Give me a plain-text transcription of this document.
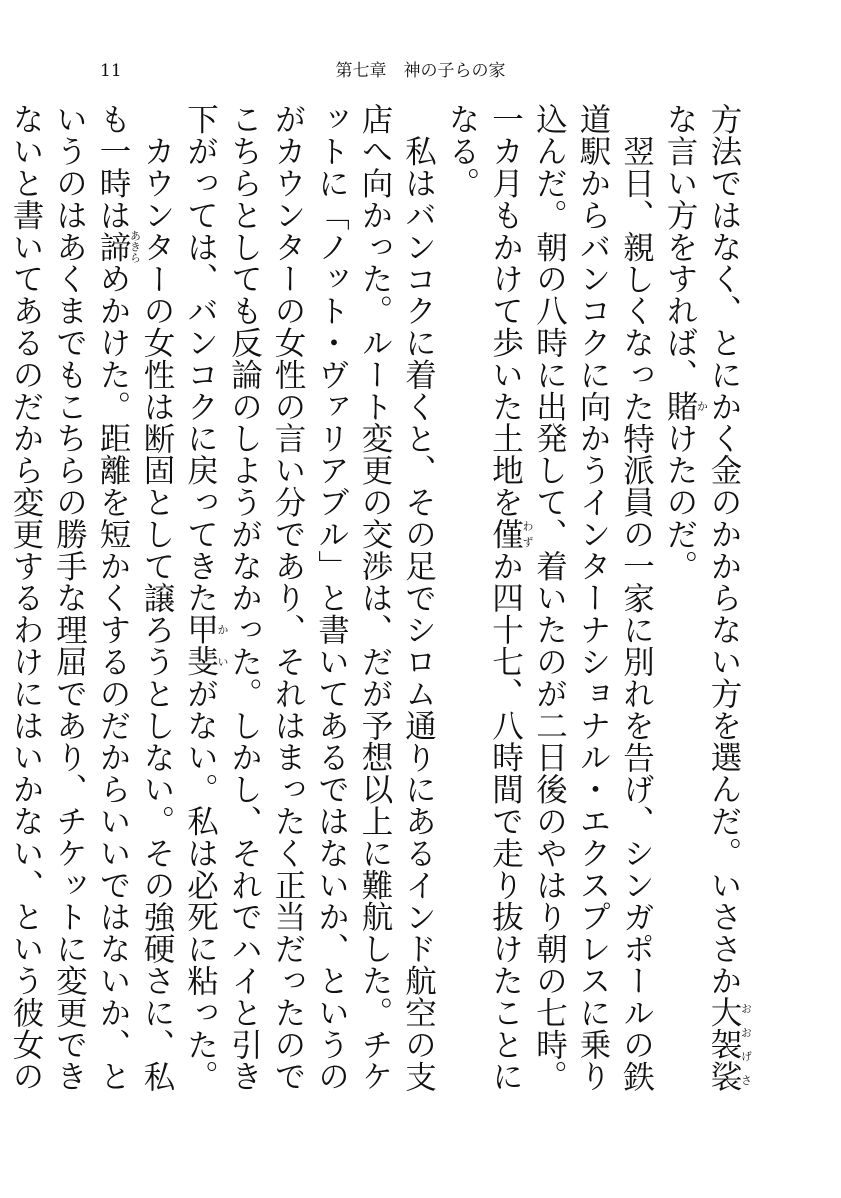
11	第七章　神の子らの家

方法ではなく、とにかく金のかからない方を選んだ。いささか大袈裟おおげさな言い方をすれば、賭かけたのだ。

翌日、親しくなった特派員の一家に別れを告げ、シンガポールの鉄道駅からバンコクに向かうインターナショナル・エクスプレスに乗り込んだ。朝の八時に出発して、着いたのが二日後のやはり朝の七時。一カ月もかけて歩いた土地を僅わずか四十七、八時間で走り抜けたことになる。

私はバンコクに着くと、その足でシロム通りにあるインド航空の支店へ向かった。ルート変更の交渉は、だが予想以上に難航した。チケットに「ノット・ヴァリアブル」と書いてあるではないか、というのがカウンターの女性の言い分であり、それはまったく正当だったのでこちらとしても反論のしようがなかった。しかし、それでハイと引き下がっては、バンコクに戻ってきた甲斐かいがない。私は必死に粘った。

カウンターの女性は断固として譲ろうとしない。その強硬さに、私も一時は諦あきらめかけた。距離を短かくするのだからいいではないか、というのはあくまでもこちらの勝手な理屈であり、チケットに変更できないと書いてあるのだから変更するわけにはいかない、という彼女の
